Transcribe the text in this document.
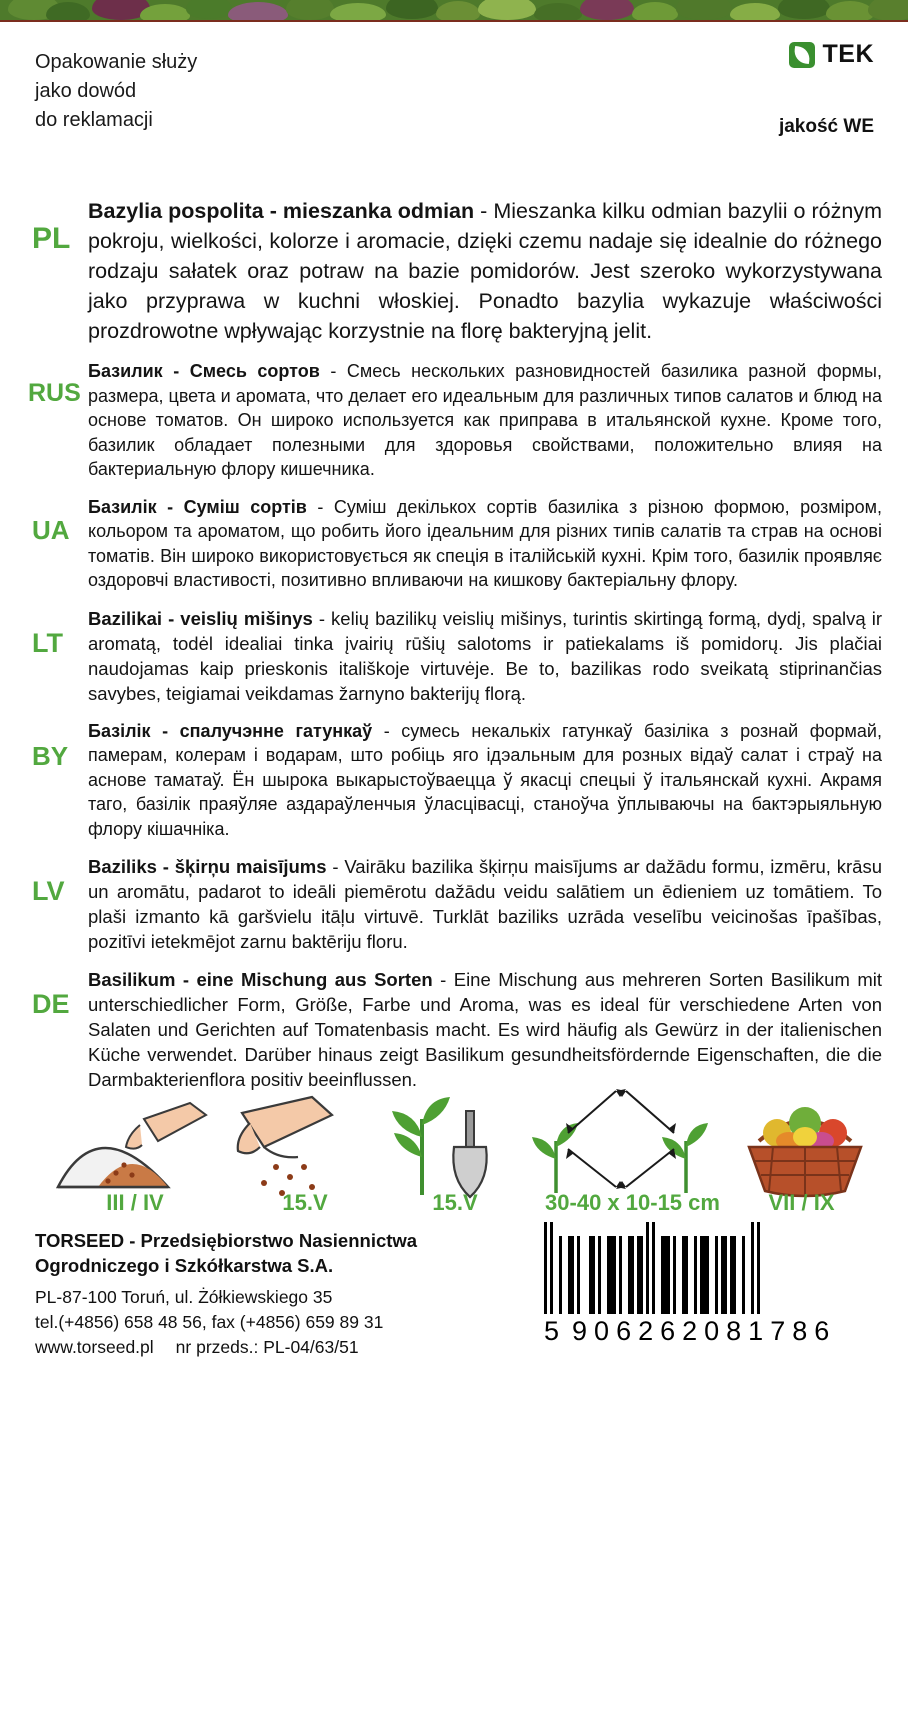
Opakowanie służy
jako dowód
do reklamacji
TEK
jakość WE
PL
Bazylia pospolita - mieszanka odmian - Mieszanka kilku odmian bazylii o różnym pokroju, wielkości, kolorze i aromacie, dzięki czemu nadaje się idealnie do różnego rodzaju sałatek oraz potraw na bazie pomidorów. Jest szeroko wykorzystywana jako przyprawa w kuchni włoskiej. Ponadto bazylia wykazuje właściwości prozdrowotne wpływając korzystnie na florę bakteryjną jelit.
RUS
Базилик - Смесь сортов - Смесь нескольких разновидностей базилика разной формы, размера, цвета и аромата, что делает его идеальным для различных типов салатов и блюд на основе томатов. Он широко используется как приправа в итальянской кухне. Кроме того, базилик обладает полезными для здоровья свойствами, положительно влияя на бактериальную флору кишечника.
UA
Базилік - Суміш сортів - Суміш декількох сортів базиліка з різною формою, розміром, кольором та ароматом, що робить його ідеальним для різних типів салатів та страв на основі томатів. Він широко використовується як спеція в італійській кухні. Крім того, базилік проявляє оздоровчі властивості, позитивно впливаючи на кишкову бактеріальну флору.
LT
Bazilikai - veislių mišinys - kelių bazilikų veislių mišinys, turintis skirtingą formą, dydį, spalvą ir aromatą, todėl idealiai tinka įvairių rūšių salotoms ir patiekalams iš pomidorų. Jis plačiai naudojamas kaip prieskonis itališkoje virtuvėje. Be to, bazilikas rodo sveikatą stiprinančias savybes, teigiamai veikdamas žarnyno bakterijų florą.
BY
Базілік - спалучэнне гатункаў - сумесь некалькіх гатункаў базіліка з рознай формай, памерам, колерам і водарам, што робіць яго ідэальным для розных відаў салат і страў на аснове таматаў. Ён шырока выкарыстоўваецца ў якасці спецыі ў італьянскай кухні. Акрамя таго, базілік праяўляе аздараўленчыя ўласцівасці, станоўча ўплываючы на бактэрыяльную флору кішачніка.
LV
Baziliks - šķirņu maisījums - Vairāku bazilika šķirņu maisījums ar dažādu formu, izmēru, krāsu un aromātu, padarot to ideāli piemērotu dažādu veidu salātiem un ēdieniem uz tomātiem. To plaši izmanto kā garšvielu itāļu virtuvē. Turklāt baziliks uzrāda veselību veicinošas īpašības, pozitīvi ietekmējot zarnu baktēriju floru.
DE
Basilikum - eine Mischung aus Sorten - Eine Mischung aus mehreren Sorten Basilikum mit unterschiedlicher Form, Größe, Farbe und Aroma, was es ideal für verschiedene Arten von Salaten und Gerichten auf Tomatenbasis macht. Es wird häufig als Gewürz in der italienischen Küche verwendet. Darüber hinaus zeigt Basilikum gesundheitsfördernde Eigenschaften, die die Darmbakterienflora positiv beeinflussen.
III / IV	15.V	15.V	30-40 x 10-15 cm	VII / IX
TORSEED - Przedsiębiorstwo Nasiennictwa
Ogrodniczego i Szkółkarstwa S.A.
PL-87-100 Toruń, ul. Żółkiewskiego 35
tel.(+4856) 658 48 56, fax (+4856) 659 89 31
www.torseed.pl nr przeds.: PL-04/63/51
5 906262 081786
